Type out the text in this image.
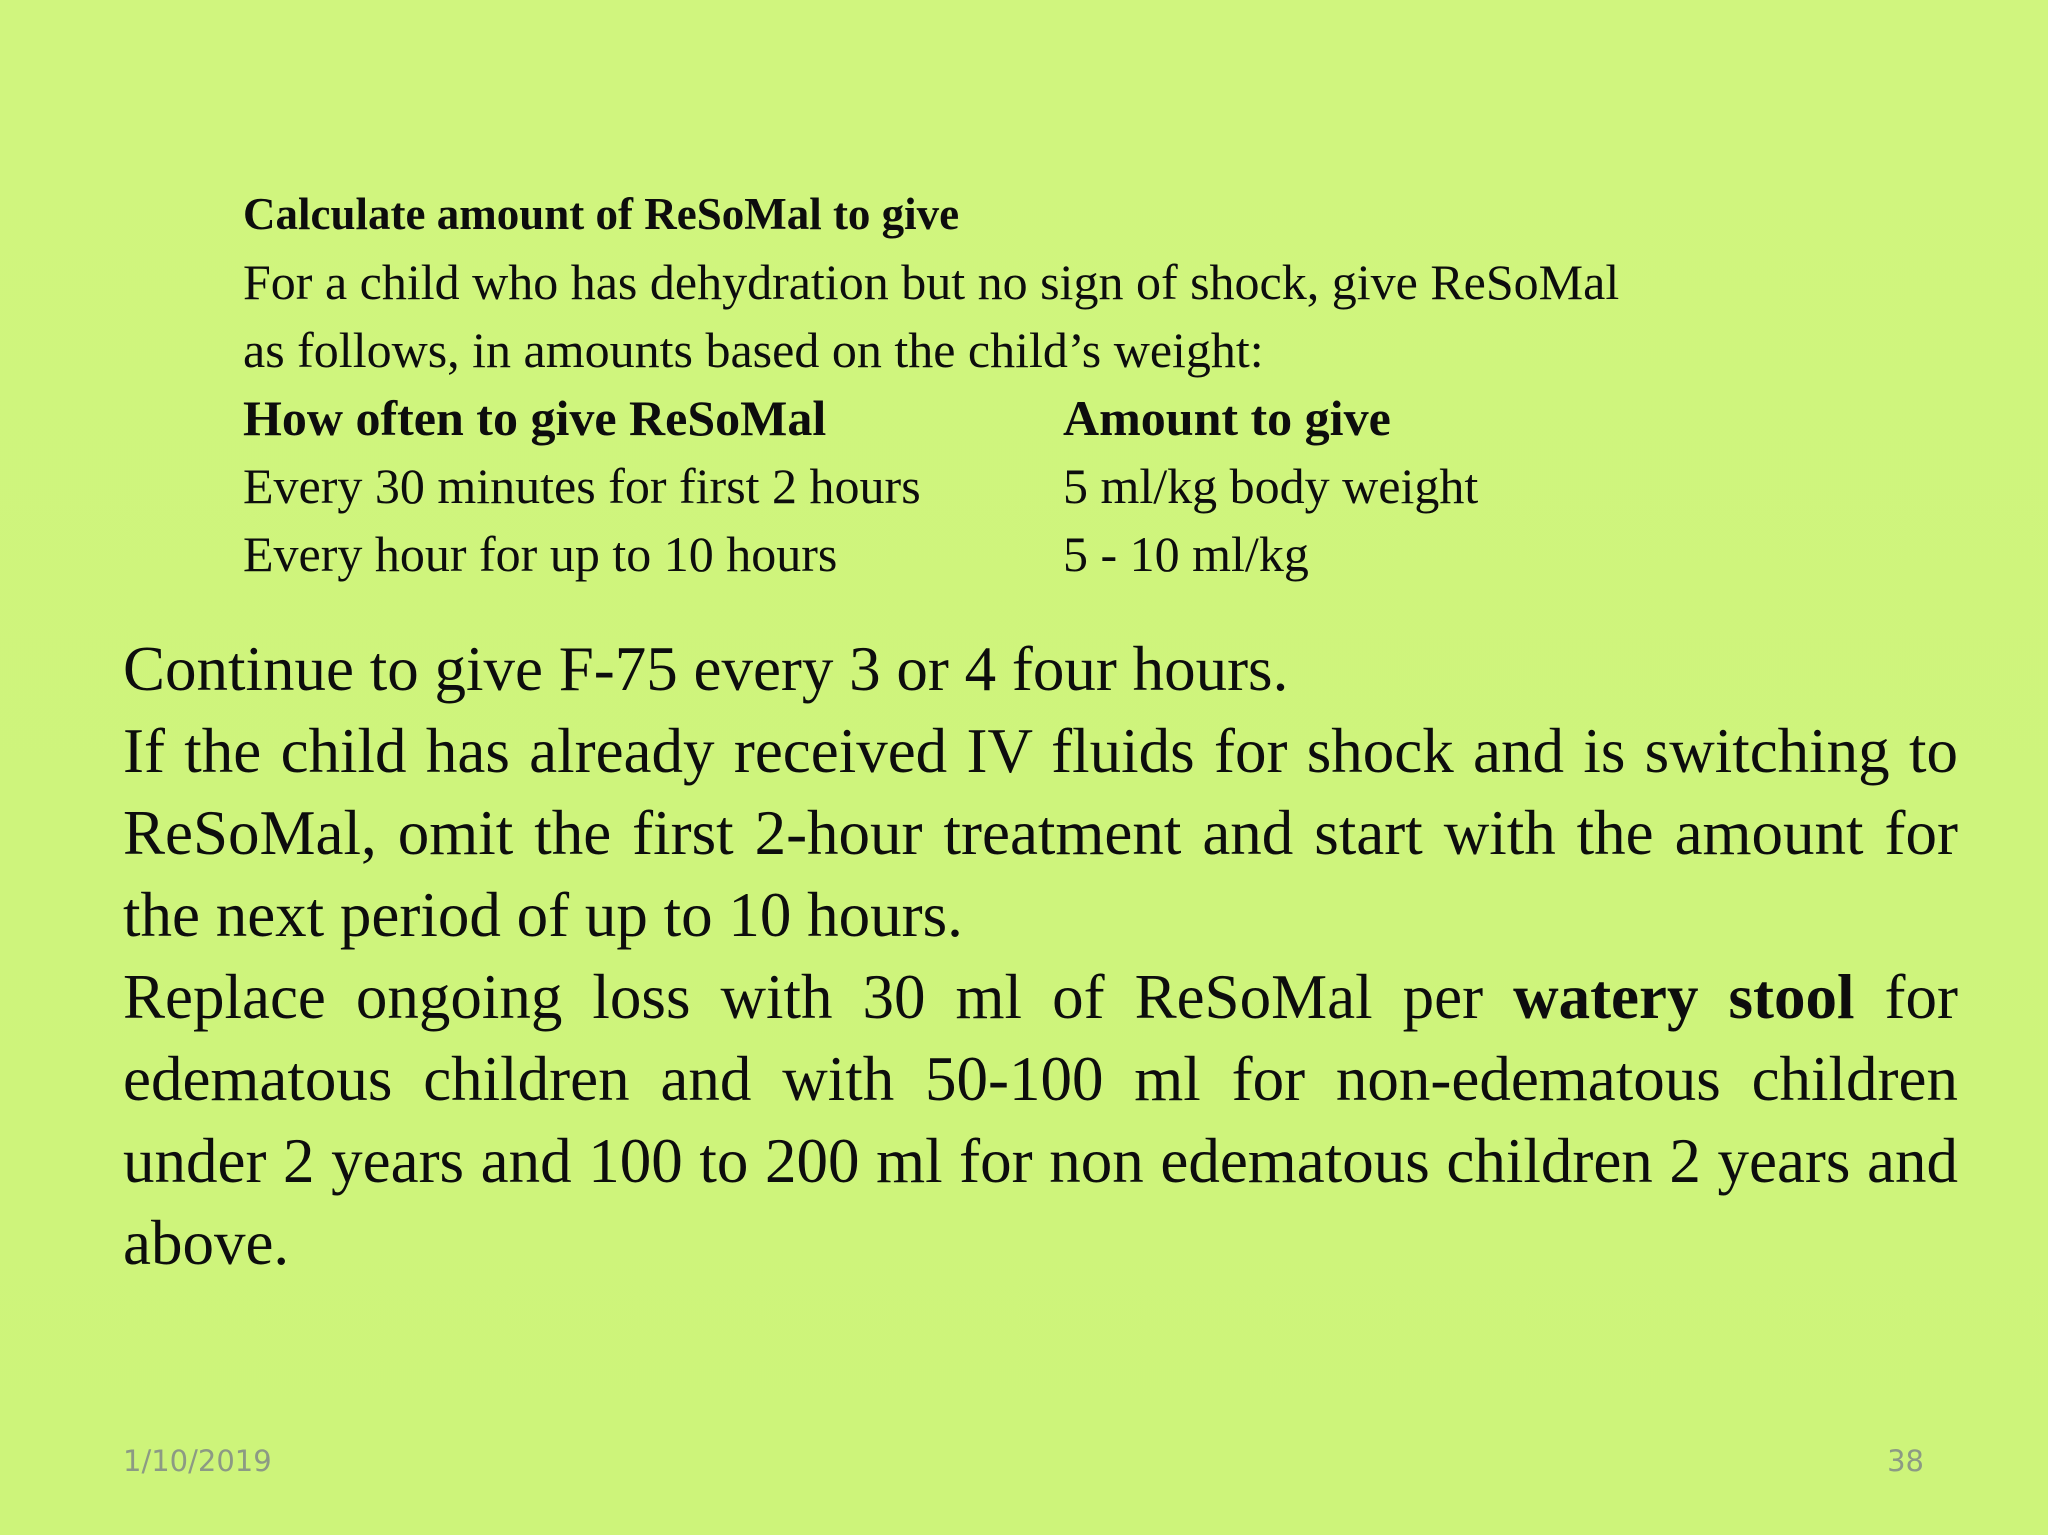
Calculate amount of ReSoMal to give

For a child who has dehydration but no sign of shock, give ReSoMal

as follows, in amounts based on the child’s weight:

How often to give ReSoMal	Amount to give
Every 30 minutes for first 2 hours	5 ml/kg body weight
Every hour for up to 10 hours	5 - 10 ml/kg

Continue to give F-75 every 3 or 4 four hours.

If the child has already received IV fluids for shock and is switching to ReSoMal, omit the first 2-hour treatment and start with the amount for the next period of up to 10 hours.

Replace ongoing loss with 30 ml of ReSoMal per watery stool for edematous children and with 50-100 ml for non-edematous children under 2 years and 100 to 200 ml for non edematous children 2 years and above.

1/10/2019	38
